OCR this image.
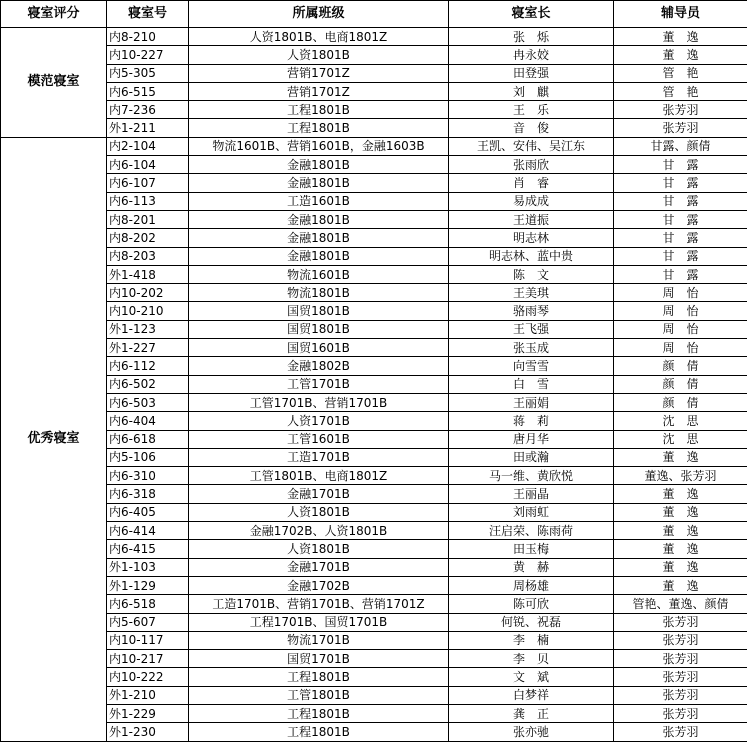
寝室评分	寝室号	所属班级	寝室长	辅导员
模范寝室	内8-210	人资1801B、电商1801Z	张　烁	董　逸
	内10-227	人资1801B	冉永姣	董　逸
	内5-305	营销1701Z	田登强	管　艳
	内6-515	营销1701Z	刘　麒	管　艳
	内7-236	工程1801B	王　乐	张芳羽
	外1-211	工程1801B	音　俊	张芳羽
优秀寝室	内2-104	物流1601B、营销1601B，金融1603B	王凯、安伟、吴江东	甘露、颜倩
	内6-104	金融1801B	张雨欣	甘　露
	内6-107	金融1801B	肖　睿	甘　露
	内6-113	工造1601B	易成成	甘　露
	内8-201	金融1801B	王道振	甘　露
	内8-202	金融1801B	明志林	甘　露
	内8-203	金融1801B	明志林、蓝中贵	甘　露
	外1-418	物流1601B	陈　文	甘　露
	内10-202	物流1801B	王美琪	周　怡
	内10-210	国贸1801B	骆雨琴	周　怡
	外1-123	国贸1801B	王飞强	周　怡
	外1-227	国贸1601B	张玉成	周　怡
	内6-112	金融1802B	向雪雪	颜　倩
	内6-502	工管1701B	白　雪	颜　倩
	内6-503	工管1701B、营销1701B	王丽娟	颜　倩
	内6-404	人资1701B	蒋　莉	沈　思
	内6-618	工管1601B	唐月华	沈　思
	内5-106	工造1701B	田或瀚	董　逸
	内6-310	工管1801B、电商1801Z	马一维、黄欣悦	董逸、张芳羽
	内6-318	金融1701B	王丽晶	董　逸
	内6-405	人资1801B	刘雨虹	董　逸
	内6-414	金融1702B、人资1801B	汪启荣、陈雨荷	董　逸
	内6-415	人资1801B	田玉梅	董　逸
	外1-103	金融1701B	黄　赫	董　逸
	外1-129	金融1702B	周杨雄	董　逸
	内6-518	工造1701B、营销1701B、营销1701Z	陈可欣	管艳、董逸、颜倩
	内5-607	工程1701B、国贸1701B	何锐、祝磊	张芳羽
	内10-117	物流1701B	李　楠	张芳羽
	内10-217	国贸1701B	李　贝	张芳羽
	内10-222	工程1801B	文　斌	张芳羽
	外1-210	工管1801B	白梦祥	张芳羽
	外1-229	工程1801B	龚　正	张芳羽
	外1-230	工程1801B	张亦驰	张芳羽
